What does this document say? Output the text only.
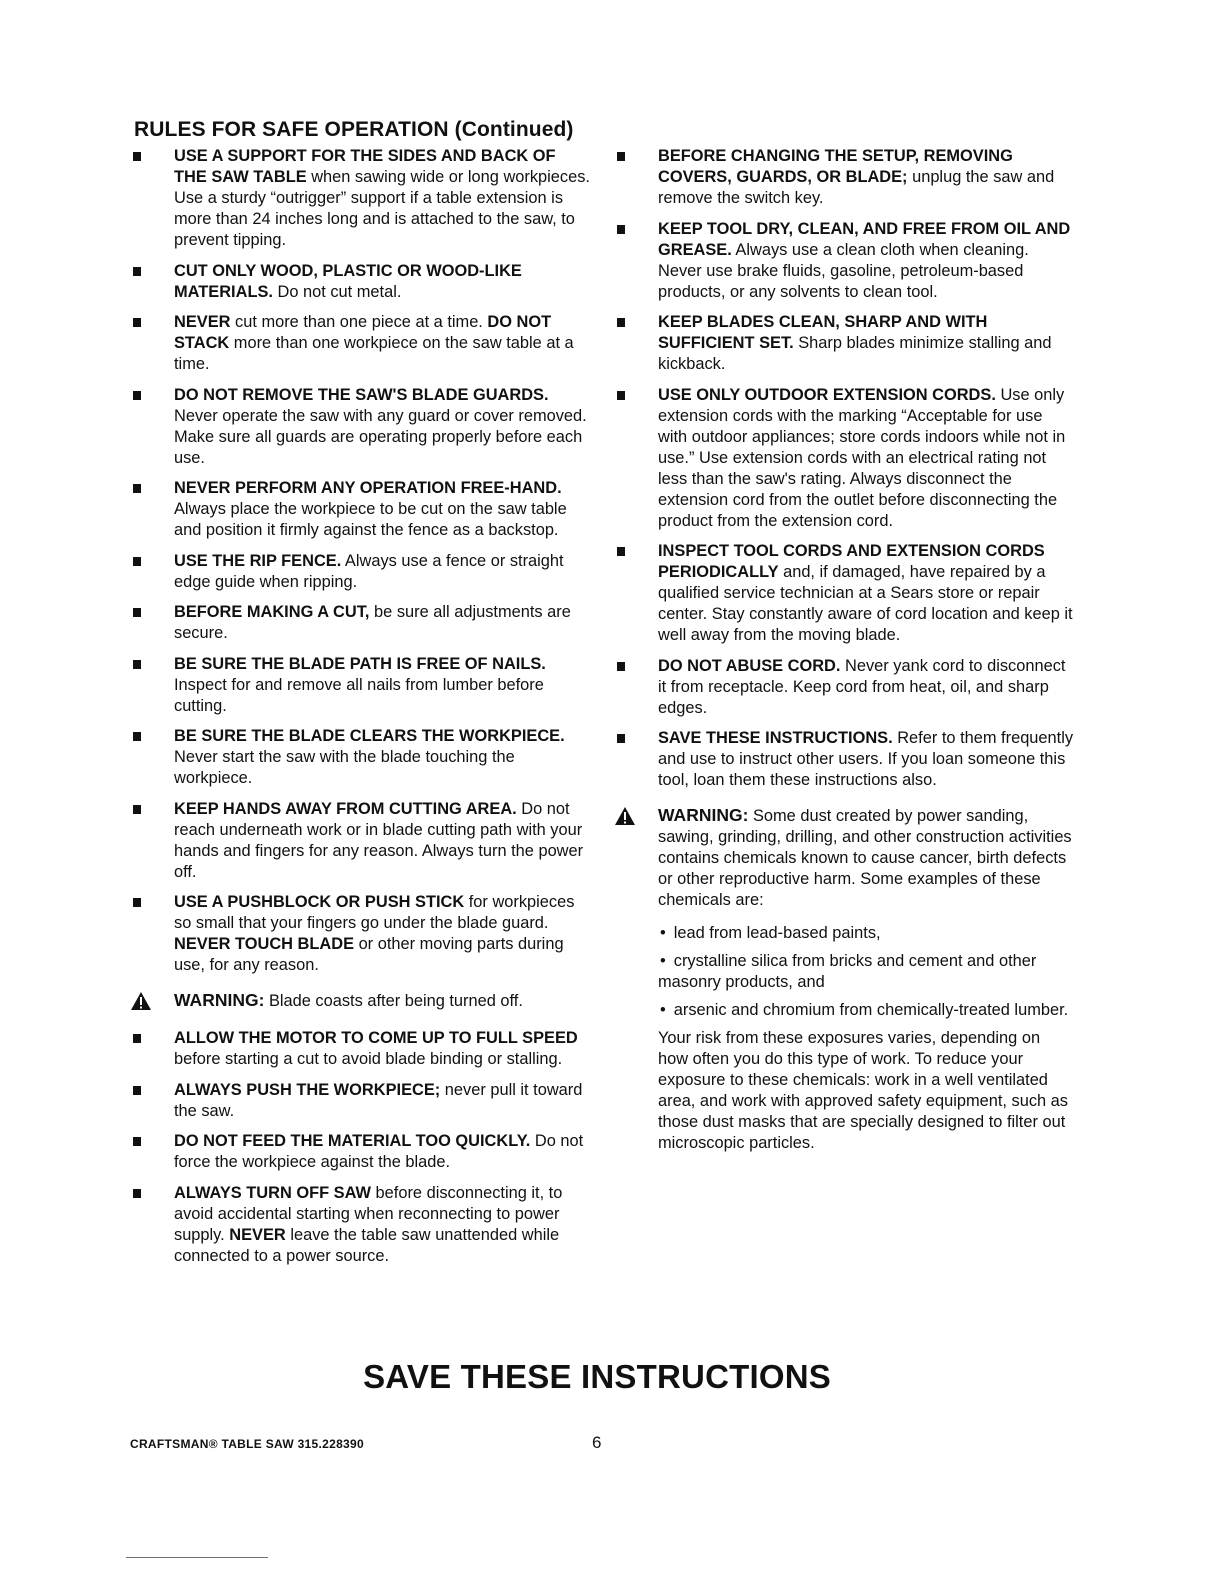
RULES FOR SAFE OPERATION (Continued)
USE A SUPPORT FOR THE SIDES AND BACK OF THE SAW TABLE when sawing wide or long workpieces. Use a sturdy “outrigger” support if a table extension is more than 24 inches long and is attached to the saw, to prevent tipping.
CUT ONLY WOOD, PLASTIC OR WOOD-LIKE MATERIALS. Do not cut metal.
NEVER cut more than one piece at a time. DO NOT STACK more than one workpiece on the saw table at a time.
DO NOT REMOVE THE SAW'S BLADE GUARDS. Never operate the saw with any guard or cover removed. Make sure all guards are operating properly before each use.
NEVER PERFORM ANY OPERATION FREE-HAND. Always place the workpiece to be cut on the saw table and position it firmly against the fence as a backstop.
USE THE RIP FENCE. Always use a fence or straight edge guide when ripping.
BEFORE MAKING A CUT, be sure all adjustments are secure.
BE SURE THE BLADE PATH IS FREE OF NAILS. Inspect for and remove all nails from lumber before cutting.
BE SURE THE BLADE CLEARS THE WORKPIECE. Never start the saw with the blade touching the workpiece.
KEEP HANDS AWAY FROM CUTTING AREA. Do not reach underneath work or in blade cutting path with your hands and fingers for any reason. Always turn the power off.
USE A PUSHBLOCK OR PUSH STICK for workpieces so small that your fingers go under the blade guard. NEVER TOUCH BLADE or other moving parts during use, for any reason.
WARNING: Blade coasts after being turned off.
ALLOW THE MOTOR TO COME UP TO FULL SPEED before starting a cut to avoid blade binding or stalling.
ALWAYS PUSH THE WORKPIECE; never pull it toward the saw.
DO NOT FEED THE MATERIAL TOO QUICKLY. Do not force the workpiece against the blade.
ALWAYS TURN OFF SAW before disconnecting it, to avoid accidental starting when reconnecting to power supply. NEVER leave the table saw unattended while connected to a power source.
BEFORE CHANGING THE SETUP, REMOVING COVERS, GUARDS, OR BLADE; unplug the saw and remove the switch key.
KEEP TOOL DRY, CLEAN, AND FREE FROM OIL AND GREASE. Always use a clean cloth when cleaning. Never use brake fluids, gasoline, petroleum-based products, or any solvents to clean tool.
KEEP BLADES CLEAN, SHARP AND WITH SUFFICIENT SET. Sharp blades minimize stalling and kickback.
USE ONLY OUTDOOR EXTENSION CORDS. Use only extension cords with the marking “Acceptable for use with outdoor appliances; store cords indoors while not in use.” Use extension cords with an electrical rating not less than the saw's rating. Always disconnect the extension cord from the outlet before disconnecting the product from the extension cord.
INSPECT TOOL CORDS AND EXTENSION CORDS PERIODICALLY and, if damaged, have repaired by a qualified service technician at a Sears store or repair center. Stay constantly aware of cord location and keep it well away from the moving blade.
DO NOT ABUSE CORD. Never yank cord to disconnect it from receptacle. Keep cord from heat, oil, and sharp edges.
SAVE THESE INSTRUCTIONS. Refer to them frequently and use to instruct other users. If you loan someone this tool, loan them these instructions also.
WARNING: Some dust created by power sanding, sawing, grinding, drilling, and other construction activities contains chemicals known to cause cancer, birth defects or other reproductive harm. Some examples of these chemicals are:
• lead from lead-based paints,
• crystalline silica from bricks and cement and other masonry products, and
• arsenic and chromium from chemically-treated lumber.
Your risk from these exposures varies, depending on how often you do this type of work. To reduce your exposure to these chemicals: work in a well ventilated area, and work with approved safety equipment, such as those dust masks that are specially designed to filter out microscopic particles.
SAVE THESE INSTRUCTIONS
CRAFTSMAN® TABLE SAW 315.228390	6
